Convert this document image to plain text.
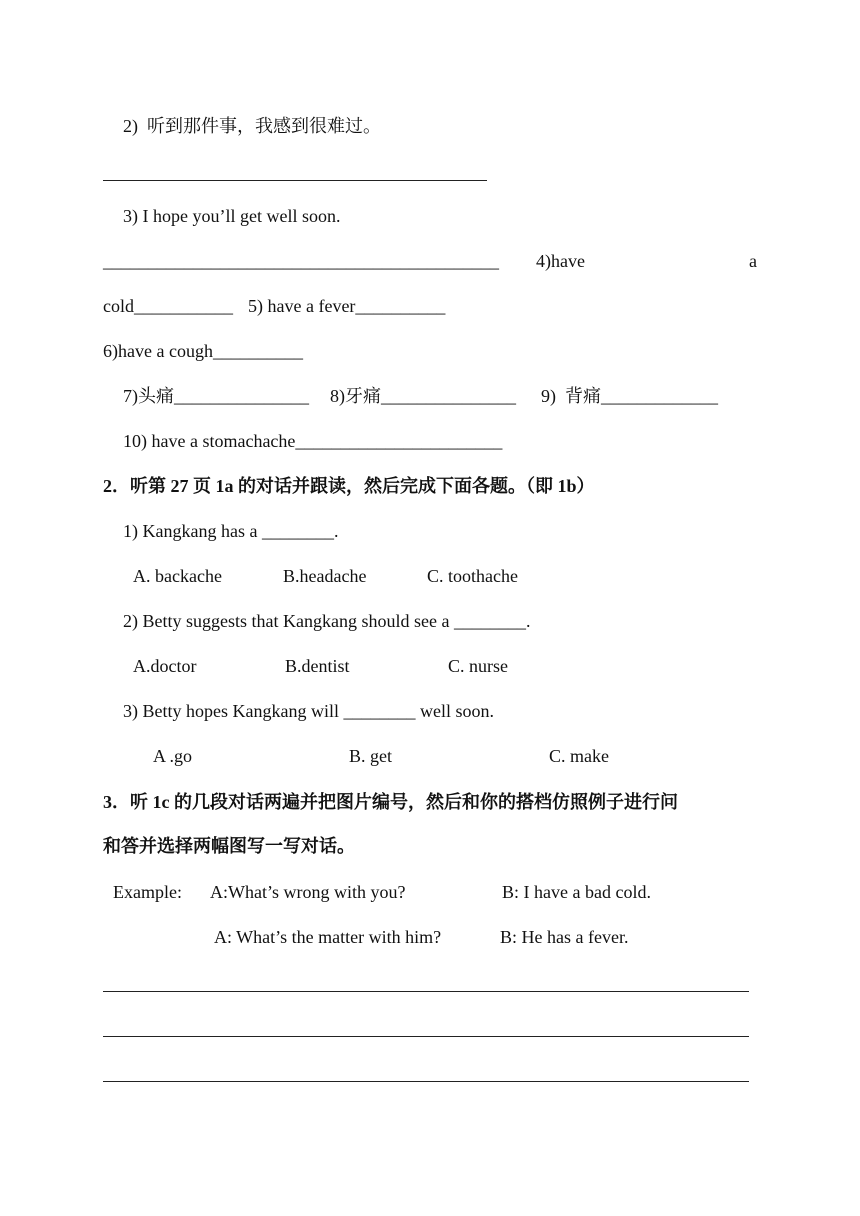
2)  听到那件事，我感到很难过。
3) I hope you’ll get well soon.
____________________________________________ 4)have	a
cold___________ 5) have a fever__________
6)have a cough__________
7)头痛_______________ 8)牙痛_______________ 9)  背痛_____________
10) have a stomachache_______________________
2．听第 27 页 1a 的对话并跟读，然后完成下面各题。（即 1b）
1) Kangkang has a ________.
A. backache	B.headache	C. toothache
2) Betty suggests that Kangkang should see a ________.
A.doctor	B.dentist	C. nurse
3) Betty hopes Kangkang will ________ well soon.
A .go	B. get	C. make
3．听 1c 的几段对话两遍并把图片编号，然后和你的搭档仿照例子进行问
和答并选择两幅图写一写对话。
Example: A:What’s wrong with you?	B: I have a bad cold.
A: What’s the matter with him?	B: He has a fever.
